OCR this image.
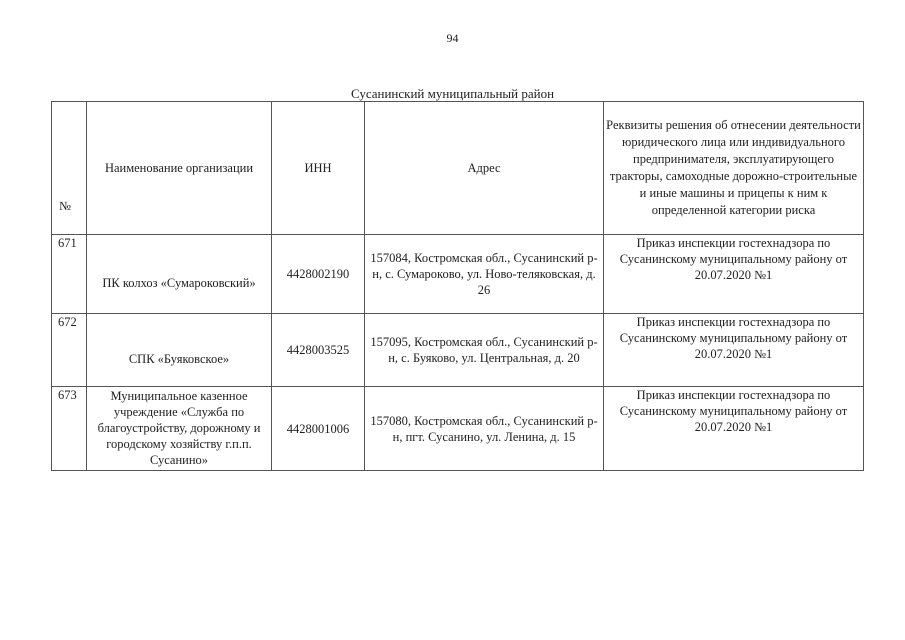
94
Сусанинский муниципальный район
№	Наименование организации	ИНН	Адрес	Реквизиты решения об отнесении деятельности юридического лица или индивидуального предпринимателя, эксплуатирующего тракторы, самоходные дорожно-строительные и иные машины и прицепы к ним к определенной категории риска
671	ПК колхоз «Сумароковский»	4428002190	157084, Костромская обл., Сусанинский р-н, с. Сумароково, ул. Ново-теляковская, д. 26	Приказ инспекции гостехнадзора по Сусанинскому муниципальному району от 20.07.2020 №1
672	СПК «Буяковское»	4428003525	157095, Костромская обл., Сусанинский р-н, с. Буяково, ул. Центральная, д. 20	Приказ инспекции гостехнадзора по Сусанинскому муниципальному району от 20.07.2020 №1
673	Муниципальное казенное учреждение «Служба по благоустройству, дорожному и городскому хозяйству г.п.п. Сусанино»	4428001006	157080, Костромская обл., Сусанинский р-н, пгт. Сусанино, ул. Ленина, д. 15	Приказ инспекции гостехнадзора по Сусанинскому муниципальному району от 20.07.2020 №1
